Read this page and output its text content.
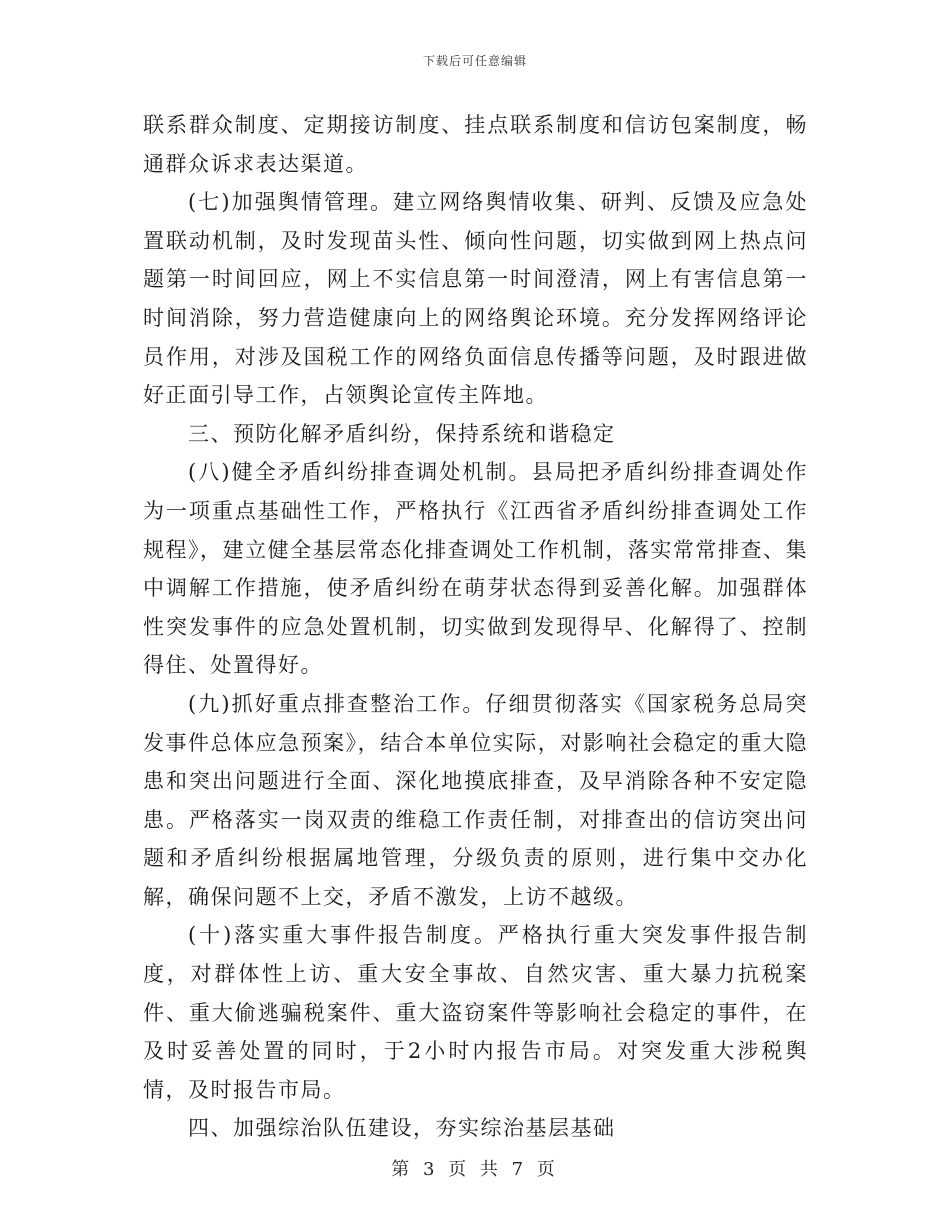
下载后可任意编辑

联系群众制度、定期接访制度、挂点联系制度和信访包案制度，畅通群众诉求表达渠道。

(七)加强舆情管理。建立网络舆情收集、研判、反馈及应急处置联动机制，及时发现苗头性、倾向性问题，切实做到网上热点问题第一时间回应，网上不实信息第一时间澄清，网上有害信息第一时间消除，努力营造健康向上的网络舆论环境。充分发挥网络评论员作用，对涉及国税工作的网络负面信息传播等问题，及时跟进做好正面引导工作，占领舆论宣传主阵地。

三、预防化解矛盾纠纷，保持系统和谐稳定

(八)健全矛盾纠纷排查调处机制。县局把矛盾纠纷排查调处作为一项重点基础性工作，严格执行《江西省矛盾纠纷排查调处工作规程》，建立健全基层常态化排查调处工作机制，落实常常排查、集中调解工作措施，使矛盾纠纷在萌芽状态得到妥善化解。加强群体性突发事件的应急处置机制，切实做到发现得早、化解得了、控制得住、处置得好。

(九)抓好重点排查整治工作。仔细贯彻落实《国家税务总局突发事件总体应急预案》，结合本单位实际，对影响社会稳定的重大隐患和突出问题进行全面、深化地摸底排查，及早消除各种不安定隐患。严格落实一岗双责的维稳工作责任制，对排查出的信访突出问题和矛盾纠纷根据属地管理，分级负责的原则，进行集中交办化解，确保问题不上交，矛盾不激发，上访不越级。

(十)落实重大事件报告制度。严格执行重大突发事件报告制度，对群体性上访、重大安全事故、自然灾害、重大暴力抗税案件、重大偷逃骗税案件、重大盗窃案件等影响社会稳定的事件，在及时妥善处置的同时，于2小时内报告市局。对突发重大涉税舆情，及时报告市局。

四、加强综治队伍建设，夯实综治基层基础

第 3 页 共 7 页
